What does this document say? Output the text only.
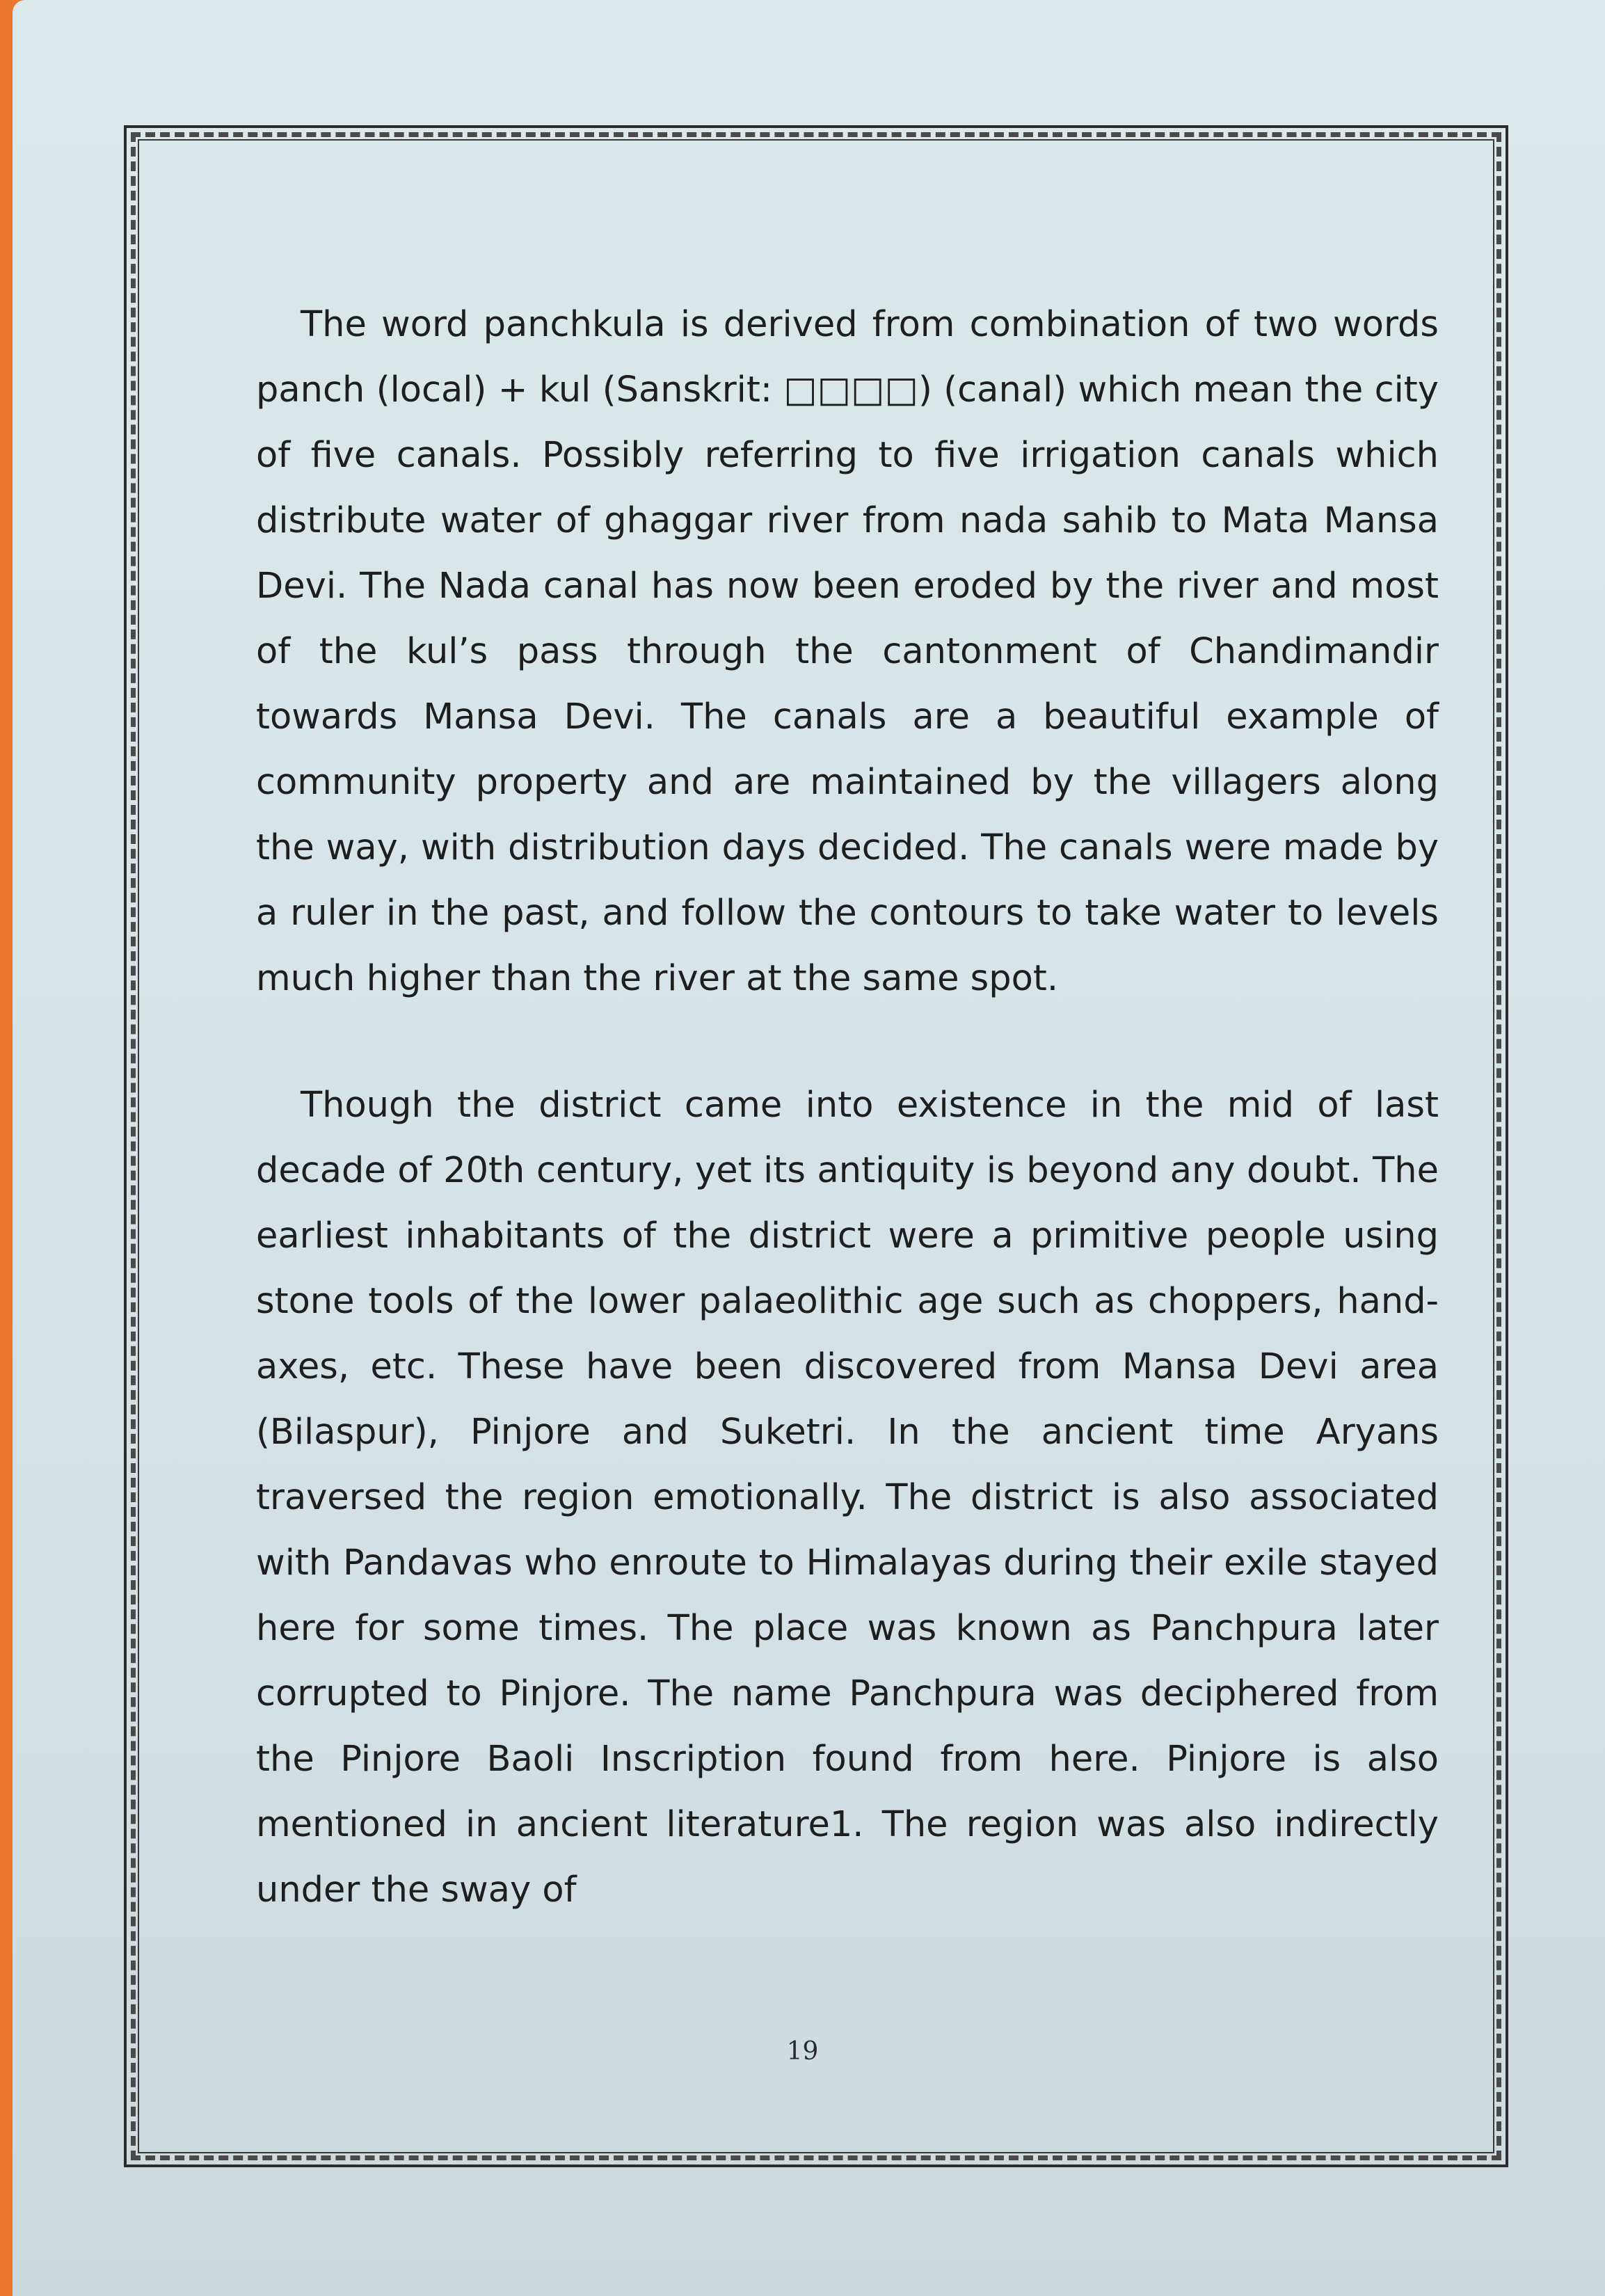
The word panchkula is derived from combination of two words panch (local) + kul (Sanskrit: □□□□) (canal) which mean the city of five canals. Possibly referring to five irrigation canals which distribute water of ghaggar river from nada sahib to Mata Mansa Devi. The Nada canal has now been eroded by the river and most of the kul’s pass through the cantonment of Chandimandir towards Mansa Devi. The canals are a beautiful example of community property and are maintained by the villagers along the way, with distribution days decided. The canals were made by a ruler in the past, and follow the contours to take water to levels much higher than the river at the same spot.

Though the district came into existence in the mid of last decade of 20th century, yet its antiquity is beyond any doubt. The earliest inhabitants of the district were a primitive people using stone tools of the lower palaeolithic age such as choppers, hand-axes, etc. These have been discovered from Mansa Devi area (Bilaspur), Pinjore and Suketri. In the ancient time Aryans traversed the region emotionally. The district is also associated with Pandavas who enroute to Himalayas during their exile stayed here for some times. The place was known as Panchpura later corrupted to Pinjore. The name Panchpura was deciphered from the Pinjore Baoli Inscription found from here. Pinjore is also mentioned in ancient literature1. The region was also indirectly under the sway of

19
